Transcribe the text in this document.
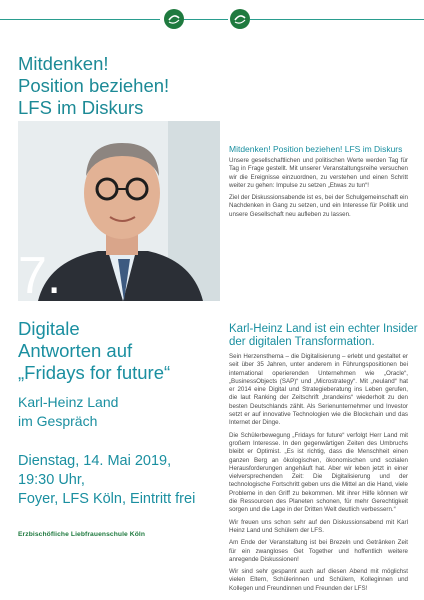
Mitdenken!
Position beziehen!
LFS im Diskurs
7.
Digitale
Antworten auf
„Fridays for future“
Karl-Heinz Land
im Gespräch
Dienstag, 14. Mai 2019,
19:30 Uhr,
Foyer, LFS Köln, Eintritt frei
Erzbischöfliche Liebfrauenschule Köln
Mitdenken! Position beziehen! LFS im Diskurs

Unsere gesellschaftlichen und politischen Werte werden Tag für Tag in Frage gestellt. Mit unserer Veranstaltungsreihe versuchen wir die Ereignisse einzuordnen, zu verstehen und einen Schritt weiter zu gehen: Impulse zu setzen „Etwas zu tun“!

Ziel der Diskussionsabende ist es, bei der Schulgemeinschaft ein Nachdenken in Gang zu setzen, und ein Interesse für Politik und unsere Gesellschaft neu aufleben zu lassen.

Karl-Heinz Land ist ein echter Insider
der digitalen Transformation.

Sein Herzensthema – die Digitalisierung – erlebt und gestaltet er seit über 35 Jahren, unter anderem in Führungspositionen bei international operierenden Unternehmen wie „Oracle“, „BusinessObjects (SAP)“ und „Microstrategy“. Mit „neuland“ hat er 2014 eine Digital und Strategieberatung ins Leben gerufen, die laut Ranking der Zeitschrift „brandeins“ wiederholt zu den besten Deutschlands zählt. Als Serienunternehmer und Investor setzt er auf innovative Technologien wie die Blockchain und das Internet der Dinge.

Die Schülerbewegung „Fridays for future“ verfolgt Herr Land mit großem Interesse. In den gegenwärtigen Zeiten des Umbruchs bleibt er Optimist. „Es ist richtig, dass die Menschheit einen ganzen Berg an ökologischen, ökonomischen und sozialen Herausforderungen angehäuft hat. Aber wir leben jetzt in einer vielversprechenden Zeit: Die Digitalisierung und der technologische Fortschritt geben uns die Mittel an die Hand, viele Probleme in den Griff zu bekommen. Mit ihrer Hilfe können wir die Ressourcen des Planeten schonen, für mehr Gerechtigkeit sorgen und die Lage in der Dritten Welt deutlich verbessern.“

Wir freuen uns schon sehr auf den Diskussionsabend mit Karl Heinz Land und Schülern der LFS.

Am Ende der Veranstaltung ist bei Brezeln und Getränken Zeit für ein zwangloses Get Together und hoffentlich weitere anregende Diskussionen!

Wir sind sehr gespannt auch auf diesen Abend mit möglichst vielen Eltern, Schülerinnen und Schülern, Kolleginnen und Kollegen und Freundinnen und Freunden der LFS!
